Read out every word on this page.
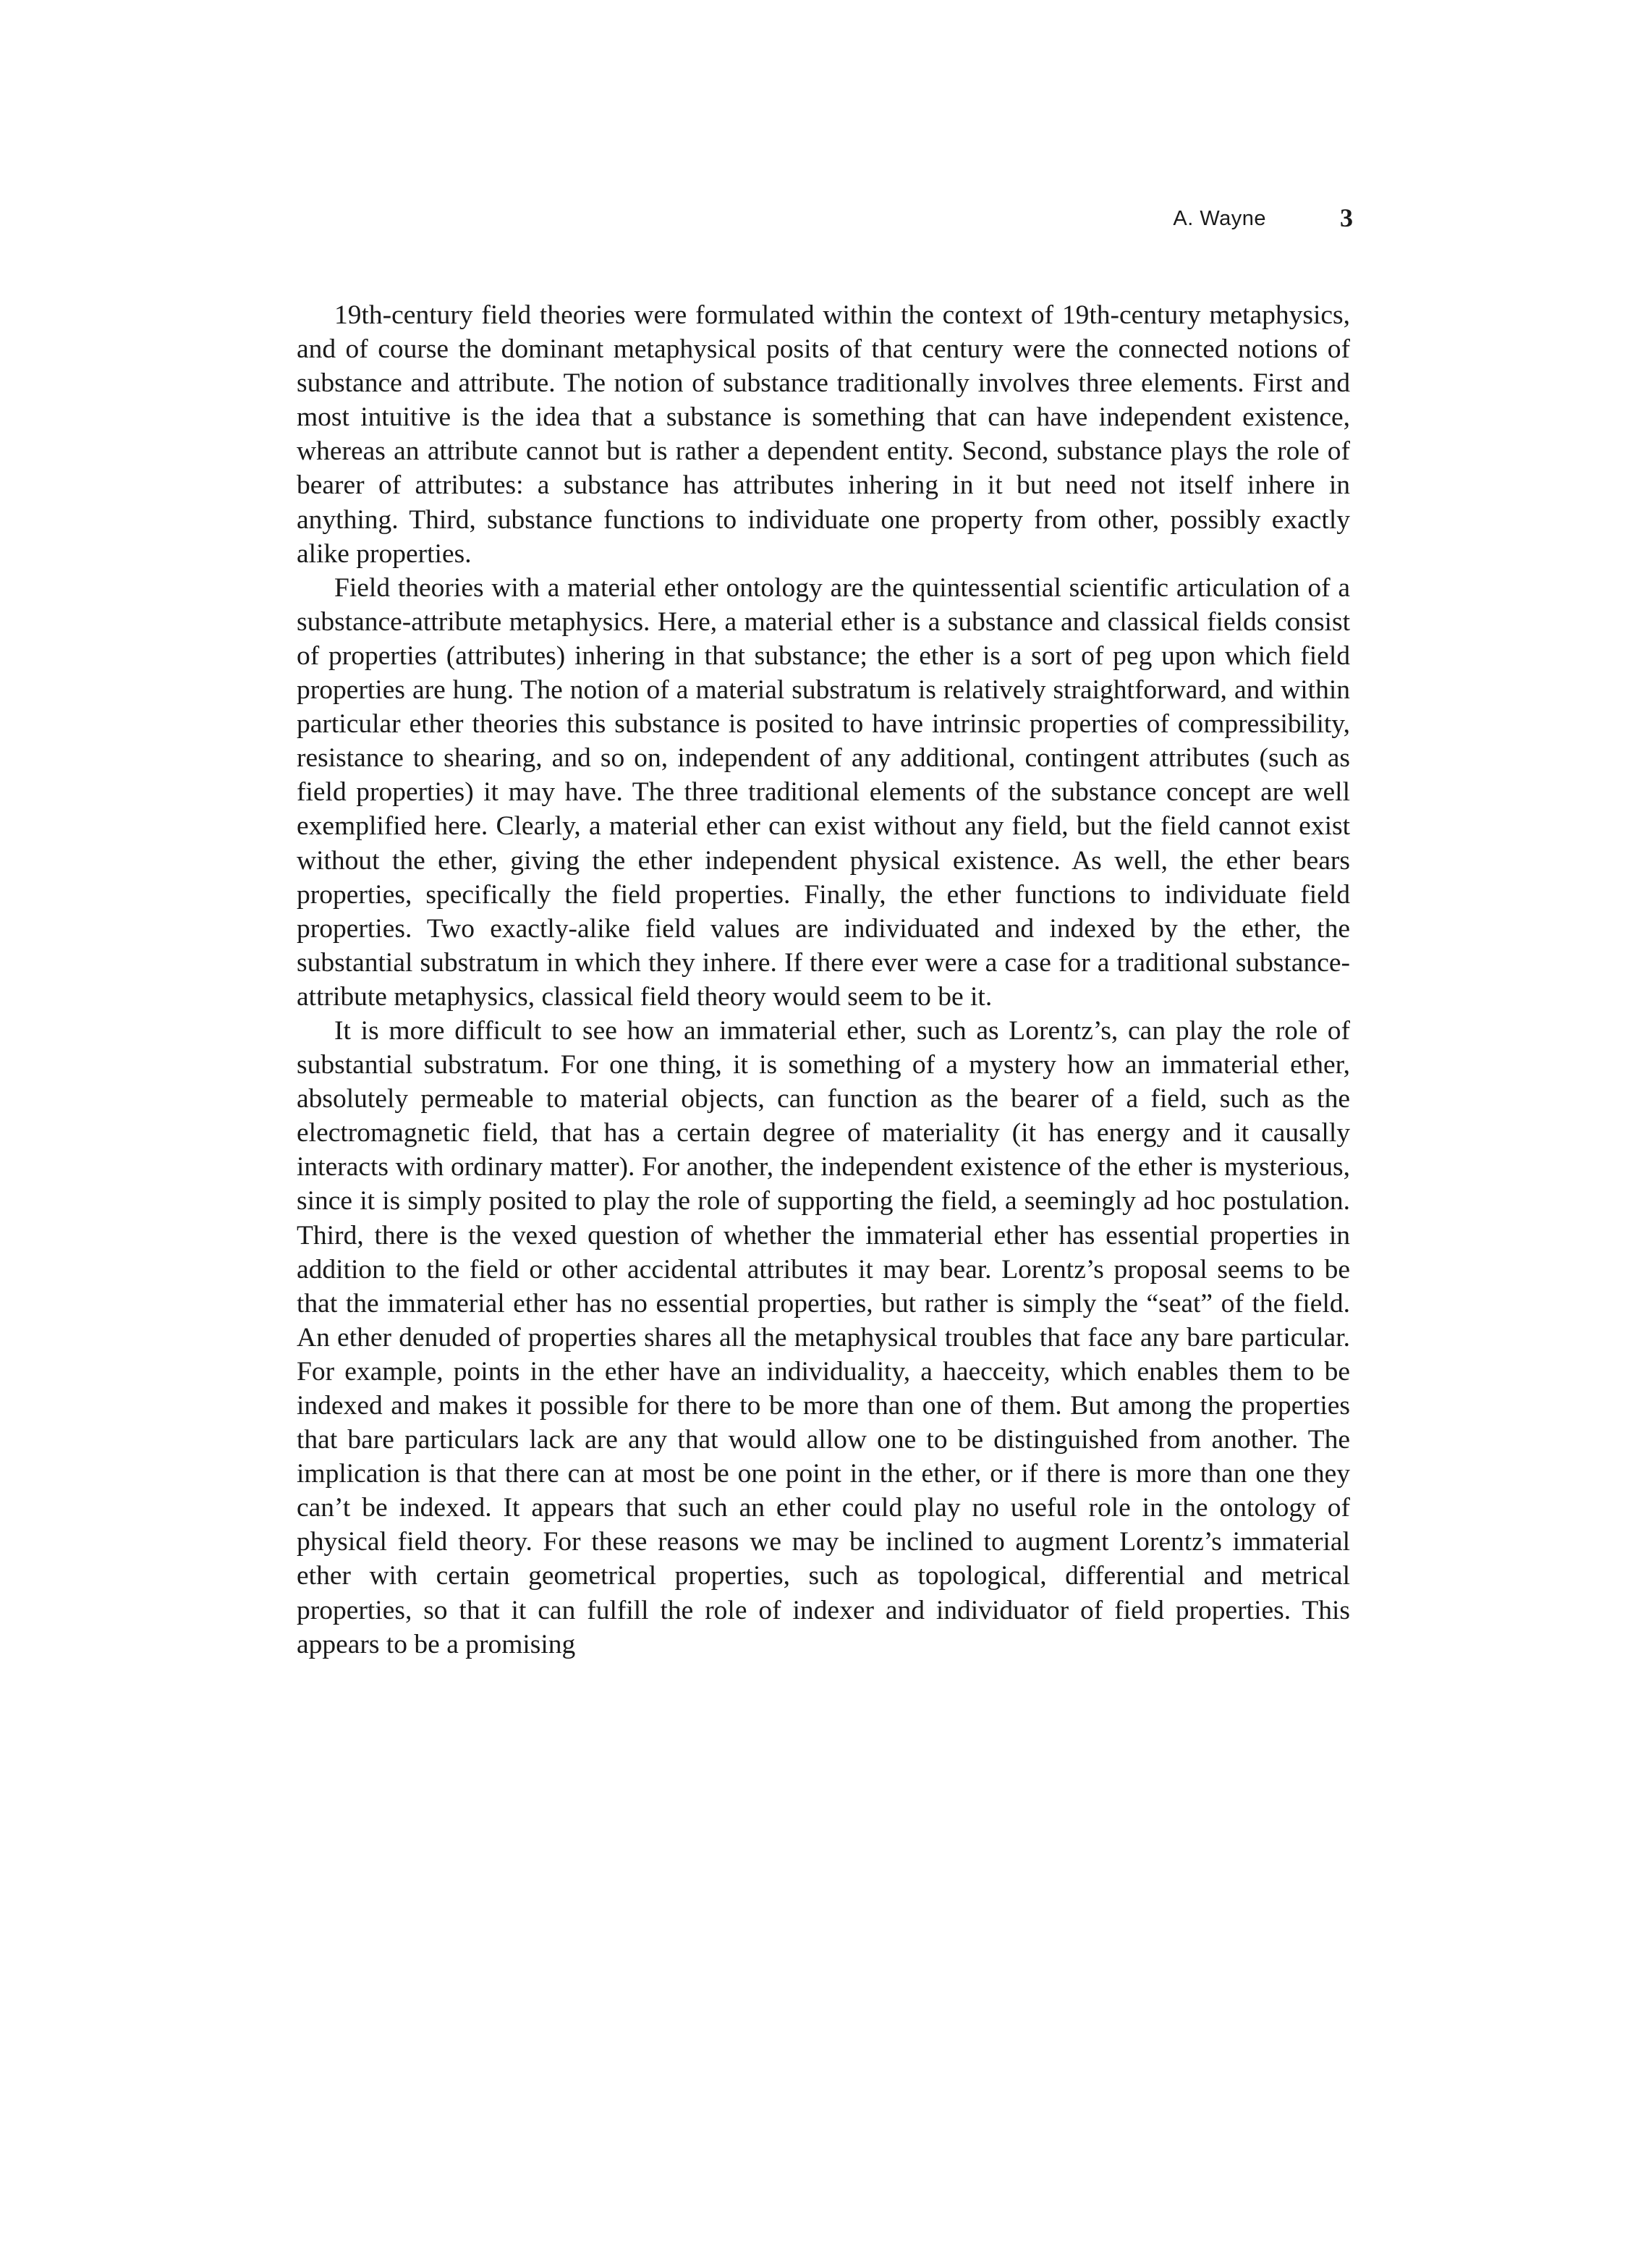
A. Wayne	3

19th-century field theories were formulated within the context of 19th-century metaphysics, and of course the dominant metaphysical posits of that century were the connected notions of substance and attribute. The notion of substance traditionally involves three elements. First and most intuitive is the idea that a substance is something that can have independent existence, whereas an attribute cannot but is rather a dependent entity. Second, substance plays the role of bearer of attributes: a substance has attributes inhering in it but need not itself inhere in anything. Third, substance functions to individuate one property from other, possibly exactly alike properties.

Field theories with a material ether ontology are the quintessential scientific articulation of a substance-attribute metaphysics. Here, a material ether is a substance and classical fields consist of properties (attributes) inhering in that substance; the ether is a sort of peg upon which field properties are hung. The notion of a material substratum is relatively straightforward, and within particular ether theories this substance is posited to have intrinsic properties of compressibility, resistance to shearing, and so on, independent of any additional, contingent attributes (such as field properties) it may have. The three traditional elements of the substance concept are well exemplified here. Clearly, a material ether can exist without any field, but the field cannot exist without the ether, giving the ether independent physical existence. As well, the ether bears properties, specifically the field properties. Finally, the ether functions to individuate field properties. Two exactly-alike field values are individuated and indexed by the ether, the substantial substratum in which they inhere. If there ever were a case for a traditional substance-attribute metaphysics, classical field theory would seem to be it.

It is more difficult to see how an immaterial ether, such as Lorentz’s, can play the role of substantial substratum. For one thing, it is something of a mystery how an immaterial ether, absolutely permeable to material objects, can function as the bearer of a field, such as the electromagnetic field, that has a certain degree of materiality (it has energy and it causally interacts with ordinary matter). For another, the independent existence of the ether is mysterious, since it is simply posited to play the role of supporting the field, a seemingly ad hoc postulation. Third, there is the vexed question of whether the immaterial ether has essential properties in addition to the field or other accidental attributes it may bear. Lorentz’s proposal seems to be that the immaterial ether has no essential properties, but rather is simply the “seat” of the field. An ether denuded of properties shares all the metaphysical troubles that face any bare particular. For example, points in the ether have an individuality, a haecceity, which enables them to be indexed and makes it possible for there to be more than one of them. But among the properties that bare particulars lack are any that would allow one to be distinguished from another. The implication is that there can at most be one point in the ether, or if there is more than one they can’t be indexed. It appears that such an ether could play no useful role in the ontology of physical field theory. For these reasons we may be inclined to augment Lorentz’s immaterial ether with certain geometrical properties, such as topological, differential and metrical properties, so that it can fulfill the role of indexer and individuator of field properties. This appears to be a promising
